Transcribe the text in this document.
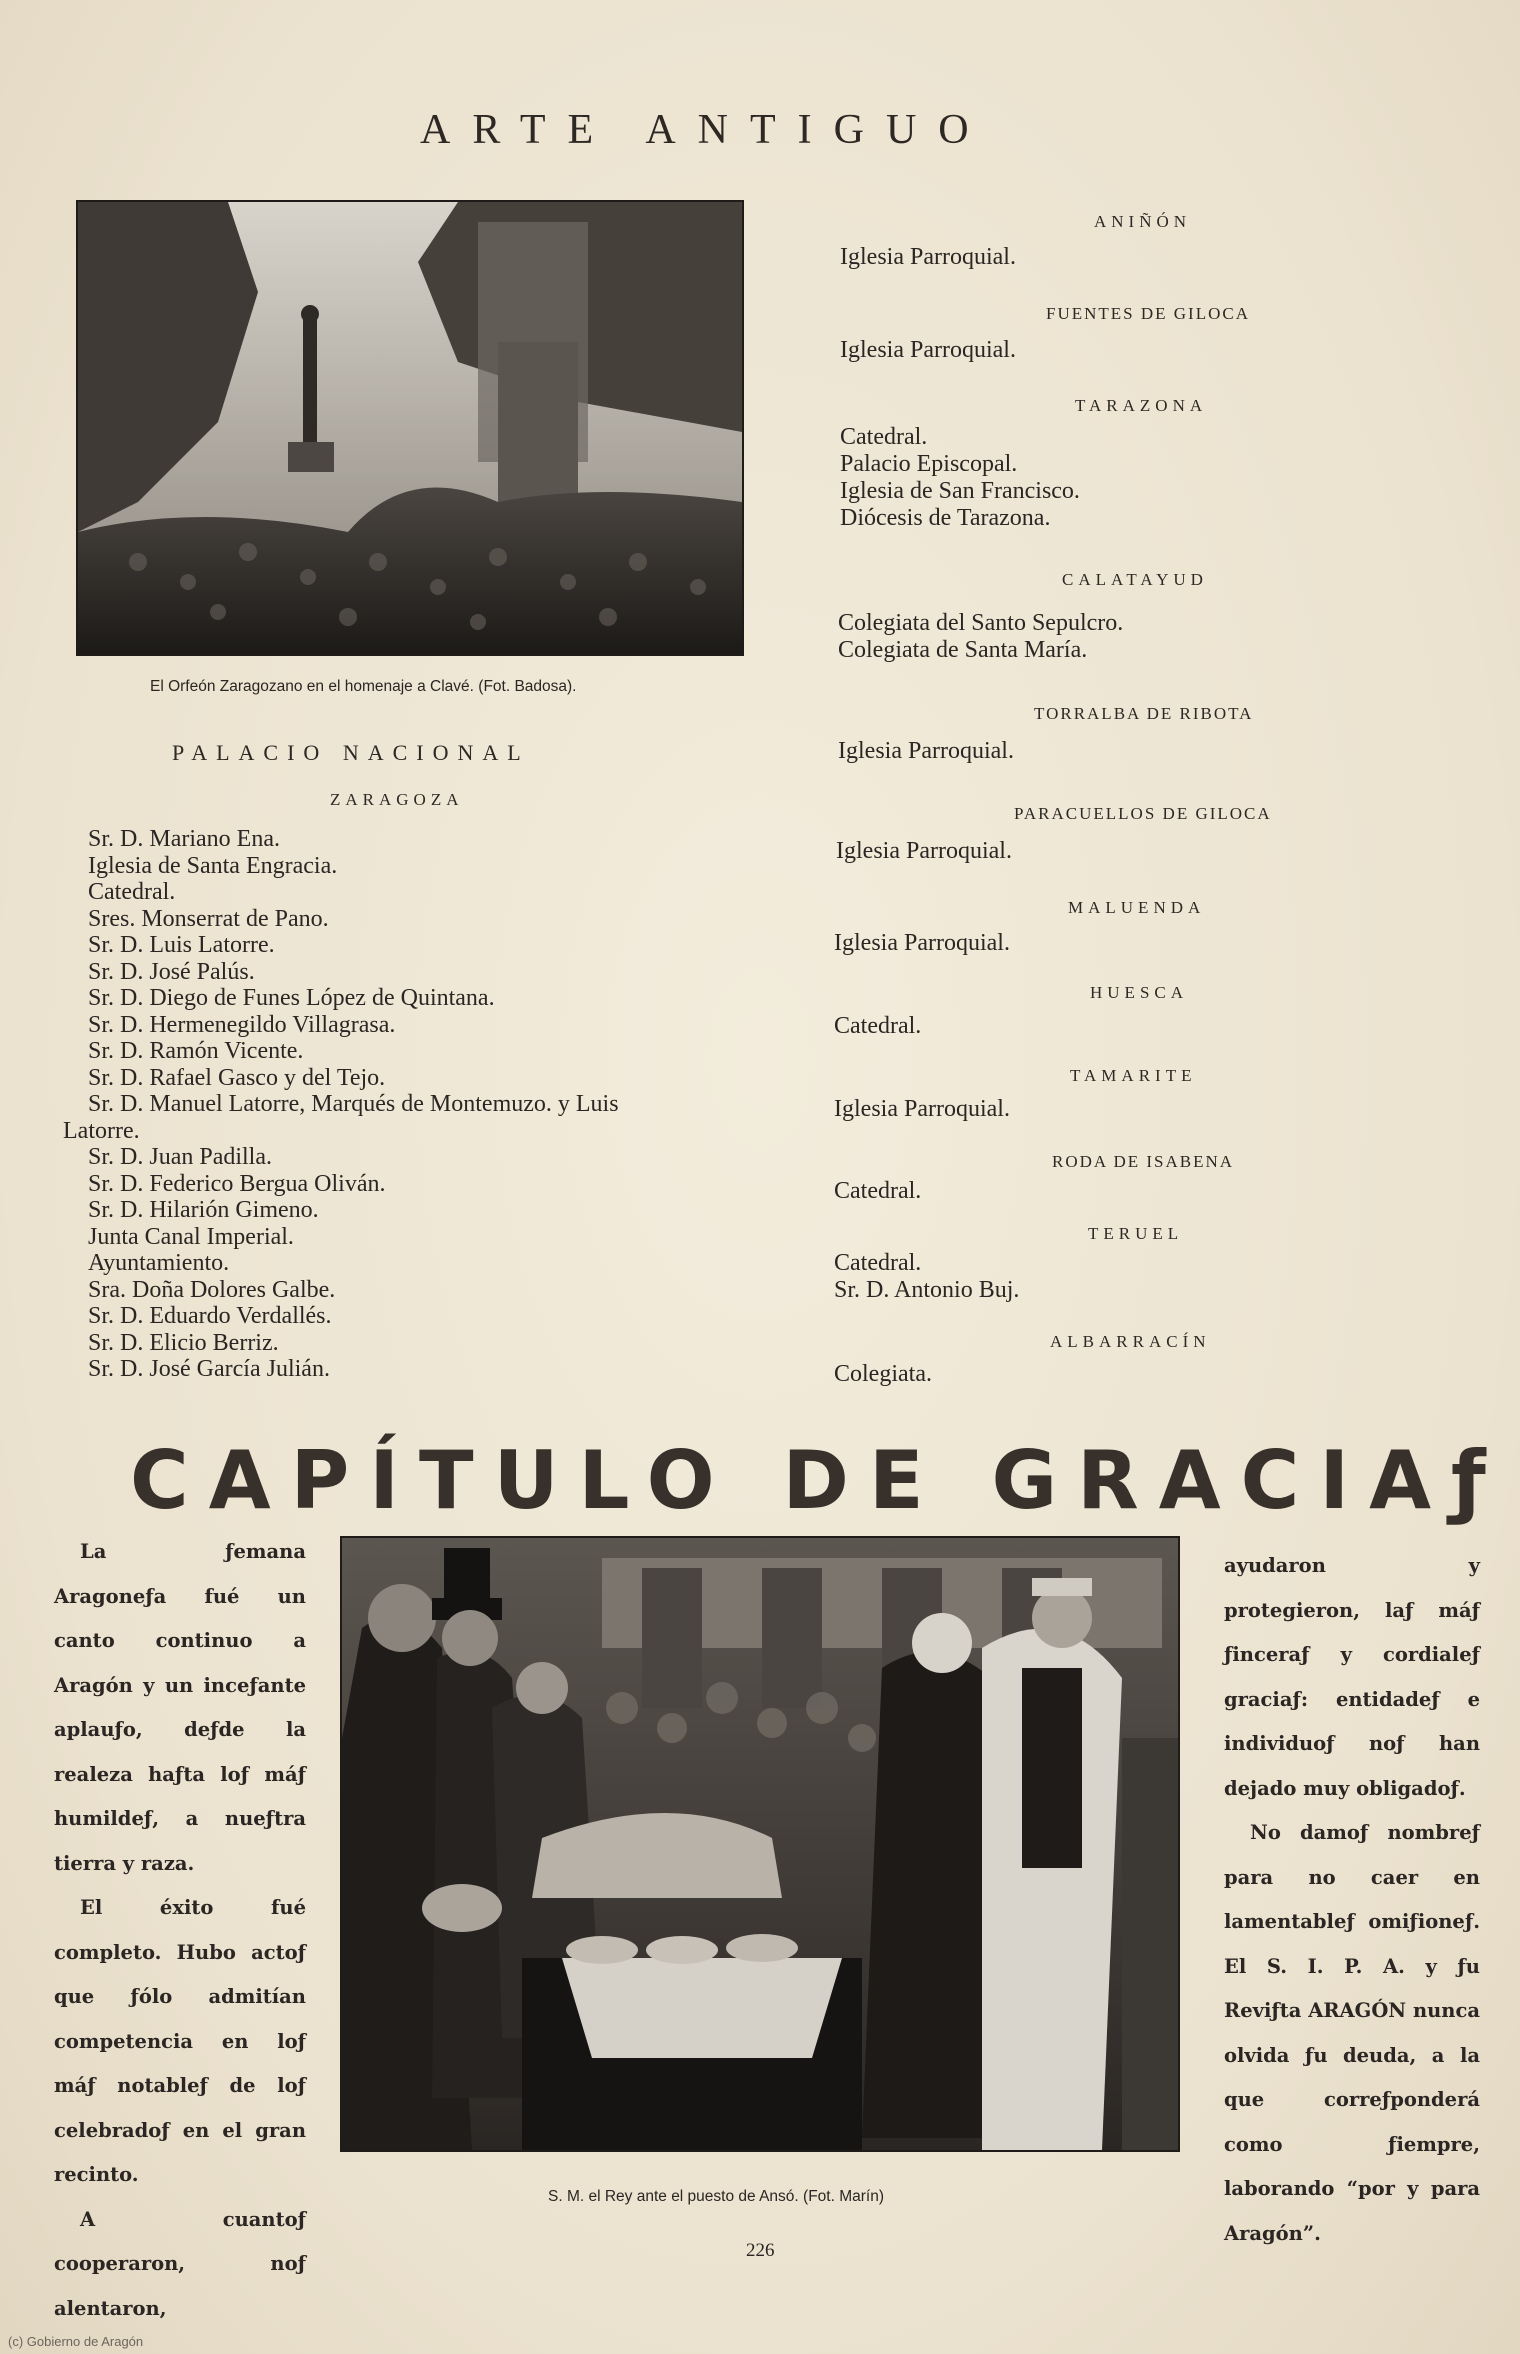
ARTE ANTIGUO
El Orfeón Zaragozano en el homenaje a Clavé. (Fot. Badosa).
PALACIO NACIONAL
ZARAGOZA
Sr. D. Mariano Ena.
Iglesia de Santa Engracia.
Catedral.
Sres. Monserrat de Pano.
Sr. D. Luis Latorre.
Sr. D. José Palús.
Sr. D. Diego de Funes López de Quintana.
Sr. D. Hermenegildo Villagrasa.
Sr. D. Ramón Vicente.
Sr. D. Rafael Gasco y del Tejo.
Sr. D. Manuel Latorre, Marqués de Montemuzo. y Luis
Latorre.
Sr. D. Juan Padilla.
Sr. D. Federico Bergua Oliván.
Sr. D. Hilarión Gimeno.
Junta Canal Imperial.
Ayuntamiento.
Sra. Doña Dolores Galbe.
Sr. D. Eduardo Verdallés.
Sr. D. Elicio Berriz.
Sr. D. José García Julián.
ANIÑÓN
Iglesia Parroquial.
FUENTES DE GILOCA
Iglesia Parroquial.
TARAZONA
Catedral.
Palacio Episcopal.
Iglesia de San Francisco.
Diócesis de Tarazona.
CALATAYUD
Colegiata del Santo Sepulcro.
Colegiata de Santa María.
TORRALBA DE RIBOTA
Iglesia Parroquial.
PARACUELLOS DE GILOCA
Iglesia Parroquial.
MALUENDA
Iglesia Parroquial.
HUESCA
Catedral.
TAMARITE
Iglesia Parroquial.
RODA DE ISABENA
Catedral.
TERUEL
Catedral.
Sr. D. Antonio Buj.
ALBARRACÍN
Colegiata.
CAPÍTULO DE GRACIAƒ

La ƒemana Aragoneƒa fué un canto continuo a Aragón y un inceƒante aplauƒo, deƒde la realeza haƒta loƒ máƒ humildeƒ, a nueƒtra tierra y raza.

El éxito fué completo. Hubo actoƒ que ƒólo admitían competencia en loƒ máƒ notableƒ de loƒ celebradoƒ en el gran recinto.

A cuantoƒ cooperaron, noƒ alentaron,

S. M. el Rey ante el puesto de Ansó. (Fot. Marín)

ayudaron y protegieron, laƒ máƒ ƒinceraƒ y cordialeƒ graciaƒ: entidadeƒ e individuoƒ noƒ han dejado muy obligadoƒ.

No damoƒ nombreƒ para no caer en lamentableƒ omiƒioneƒ. El S. I. P. A. y ƒu Reviƒta ARAGÓN nunca olvida ƒu deuda, a la que correƒponderá como ƒiempre, laborando “por y para Aragón”.

226
(c) Gobierno de Aragón
